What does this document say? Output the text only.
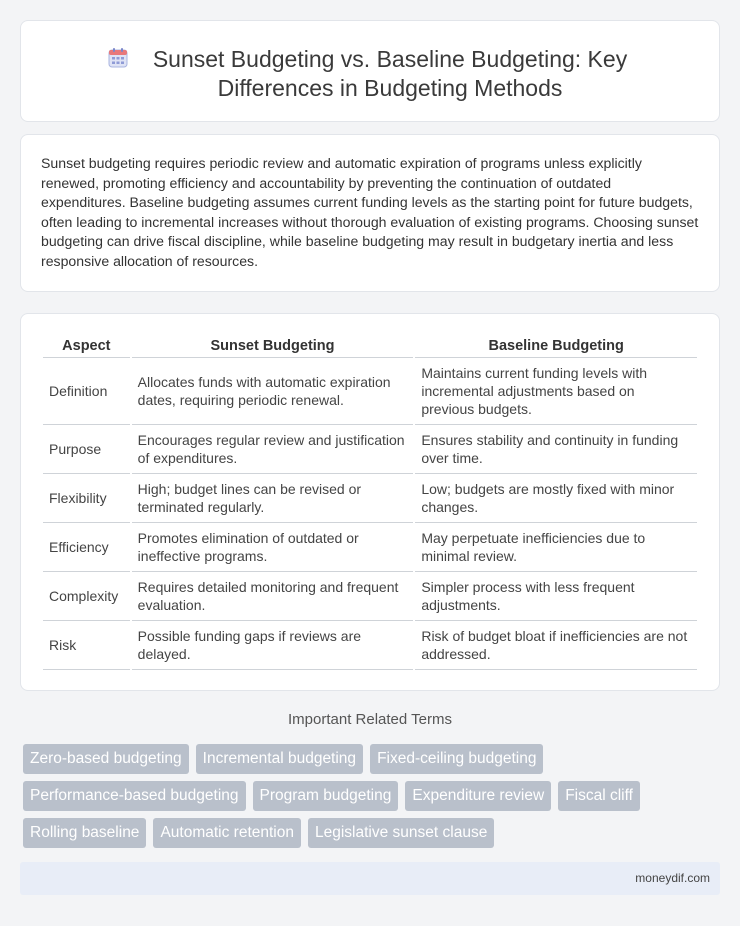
Sunset Budgeting vs. Baseline Budgeting: Key Differences in Budgeting Methods

Sunset budgeting requires periodic review and automatic expiration of programs unless explicitly renewed, promoting efficiency and accountability by preventing the continuation of outdated expenditures. Baseline budgeting assumes current funding levels as the starting point for future budgets, often leading to incremental increases without thorough evaluation of existing programs. Choosing sunset budgeting can drive fiscal discipline, while baseline budgeting may result in budgetary inertia and less responsive allocation of resources.

Aspect	Sunset Budgeting	Baseline Budgeting
Definition	Allocates funds with automatic expiration dates, requiring periodic renewal.	Maintains current funding levels with incremental adjustments based on previous budgets.
Purpose	Encourages regular review and justification of expenditures.	Ensures stability and continuity in funding over time.
Flexibility	High; budget lines can be revised or terminated regularly.	Low; budgets are mostly fixed with minor changes.
Efficiency	Promotes elimination of outdated or ineffective programs.	May perpetuate inefficiencies due to minimal review.
Complexity	Requires detailed monitoring and frequent evaluation.	Simpler process with less frequent adjustments.
Risk	Possible funding gaps if reviews are delayed.	Risk of budget bloat if inefficiencies are not addressed.
Important Related Terms
Zero-based budgeting	Incremental budgeting	Fixed-ceiling budgeting
Performance-based budgeting	Program budgeting	Expenditure review	Fiscal cliff
Rolling baseline	Automatic retention	Legislative sunset clause
moneydif.com
